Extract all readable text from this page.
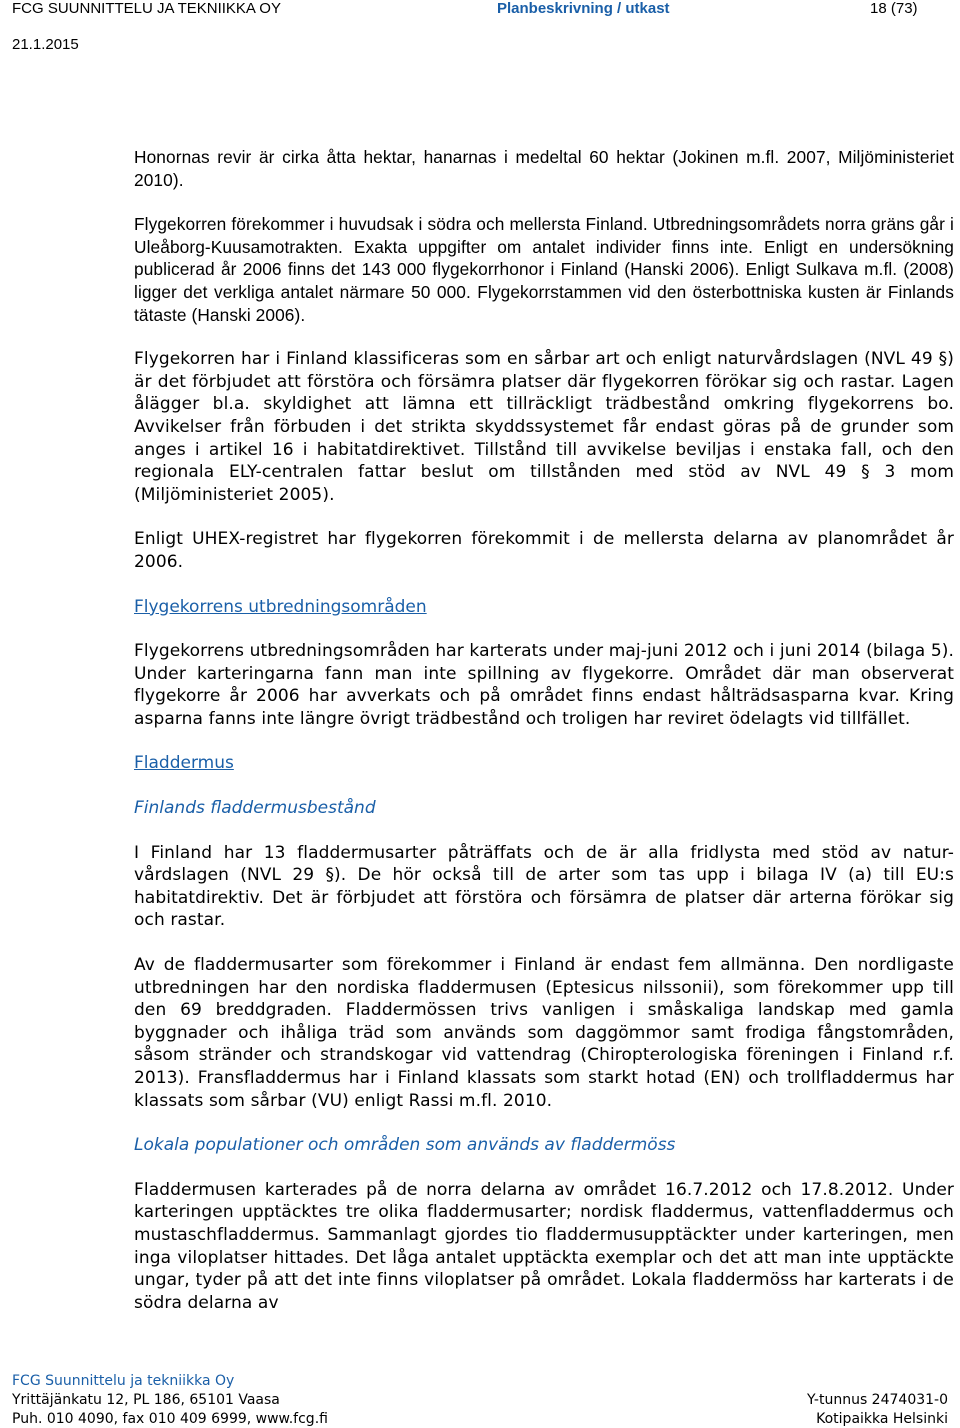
FCG SUUNNITTELU JA TEKNIIKKA OY	Planbeskrivning / utkast	18 (73)
21.1.2015

Honornas revir är cirka åtta hektar, hanarnas i medeltal 60 hektar (Jokinen m.fl. 2007, Miljöministeriet 2010).

Flygekorren förekommer i huvudsak i södra och mellersta Finland. Utbredningsområdets norra gräns går i Uleåborg-Kuusamotrakten. Exakta uppgifter om antalet individer finns inte. Enligt en undersökning publicerad år 2006 finns det 143 000 flygekorrhonor i Finland (Hanski 2006). Enligt Sulkava m.fl. (2008) ligger det verkliga antalet närmare 50 000. Flygekorrstammen vid den österbottniska kusten är Finlands tätaste (Hanski 2006).

Flygekorren har i Finland klassificeras som en sårbar art och enligt naturvårdslagen (NVL 49 §) är det förbjudet att förstöra och försämra platser där flygekorren förökar sig och rastar. Lagen ålägger bl.a. skyldighet att lämna ett tillräckligt trädbestånd omkring flygekorrens bo. Avvikelser från förbuden i det strikta skyddssystemet får endast göras på de grunder som anges i artikel 16 i habitatdirektivet. Tillstånd till avvikelse beviljas i enstaka fall, och den regionala ELY-centralen fattar beslut om tillstånden med stöd av NVL 49 § 3 mom (Miljöministeriet 2005).

Enligt UHEX-registret har flygekorren förekommit i de mellersta delarna av planområdet år 2006.

Flygekorrens utbredningsområden

Flygekorrens utbredningsområden har karterats under maj-juni 2012 och i juni 2014 (bilaga 5). Under karteringarna fann man inte spillning av flygekorre. Området där man observerat flygekorre år 2006 har avverkats och på området finns endast hålträdsasparna kvar. Kring asparna fanns inte längre övrigt trädbestånd och troligen har reviret ödelagts vid tillfället.

Fladdermus
Finlands fladdermusbestånd

I Finland har 13 fladdermusarter påträffats och de är alla fridlysta med stöd av natur-vårdslagen (NVL 29 §). De hör också till de arter som tas upp i bilaga IV (a) till EU:s habitatdirektiv. Det är förbjudet att förstöra och försämra de platser där arterna förökar sig och rastar.

Av de fladdermusarter som förekommer i Finland är endast fem allmänna. Den nordligaste utbredningen har den nordiska fladdermusen (Eptesicus nilssonii), som förekommer upp till den 69 breddgraden. Fladdermössen trivs vanligen i småskaliga landskap med gamla byggnader och ihåliga träd som används som daggömmor samt frodiga fångstområden, såsom stränder och strandskogar vid vattendrag (Chiropterologiska föreningen i Finland r.f. 2013). Fransfladdermus har i Finland klassats som starkt hotad (EN) och trollfladdermus har klassats som sårbar (VU) enligt Rassi m.fl. 2010.

Lokala populationer och områden som används av fladdermöss

Fladdermusen karterades på de norra delarna av området 16.7.2012 och 17.8.2012. Under karteringen upptäcktes tre olika fladdermusarter; nordisk fladdermus, vattenfladdermus och mustaschfladdermus. Sammanlagt gjordes tio fladdermusupptäckter under karteringen, men inga viloplatser hittades. Det låga antalet upptäckta exemplar och det att man inte upptäckte ungar, tyder på att det inte finns viloplatser på området. Lokala fladdermöss har karterats i de södra delarna av

FCG Suunnittelu ja tekniikka Oy
Yrittäjänkatu 12, PL 186, 65101 Vaasa
Puh. 010 4090, fax 010 409 6999, www.fcg.fi
Y-tunnus 2474031-0
Kotipaikka Helsinki
